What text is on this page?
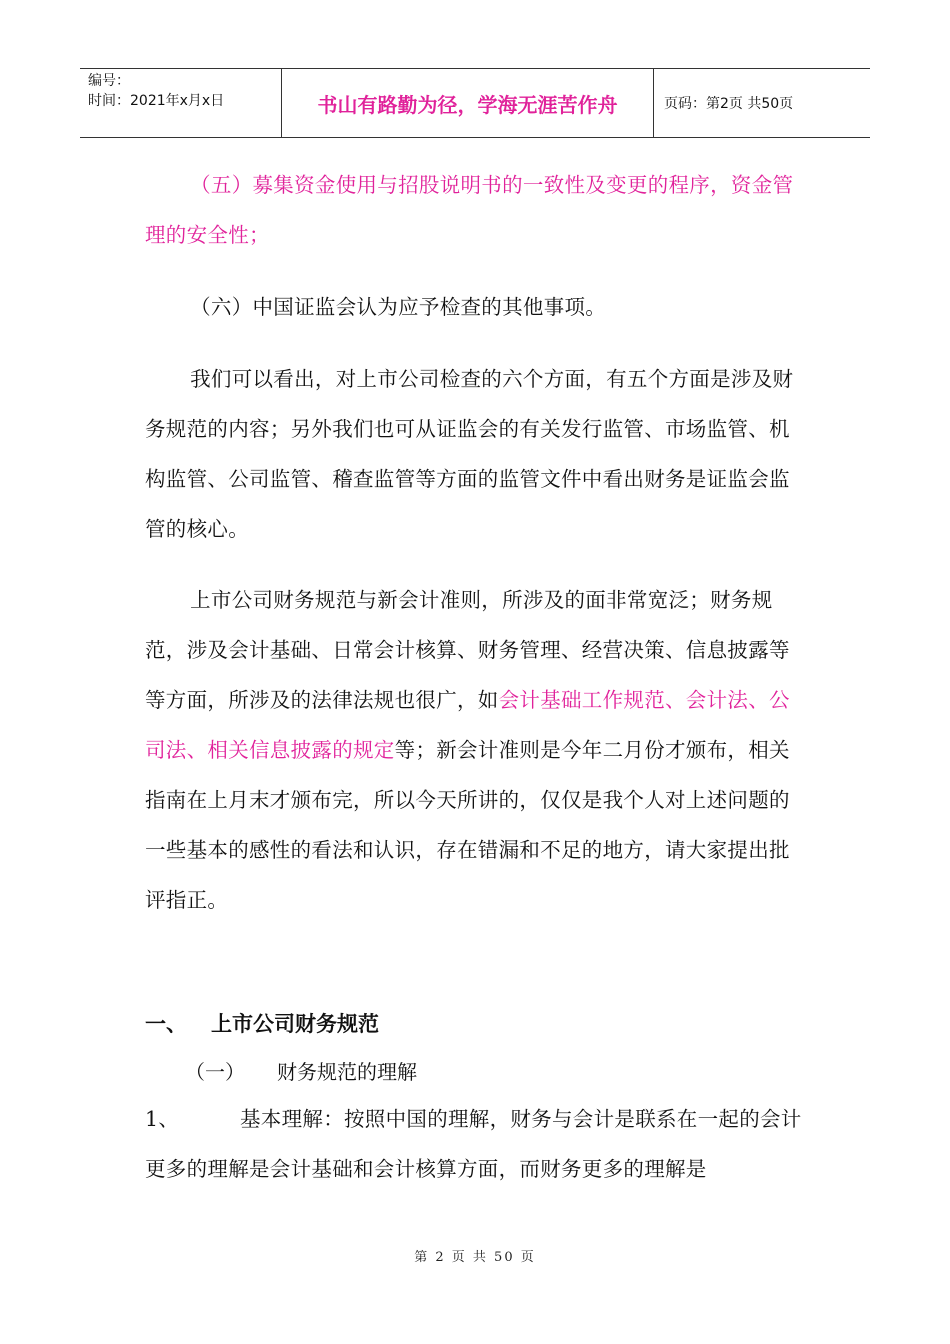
编号：
时间：2021年x月x日	书山有路勤为径，学海无涯苦作舟	页码：第2页 共50页
（五）募集资金使用与招股说明书的一致性及变更的程序，资金管理的安全性；
（六）中国证监会认为应予检查的其他事项。
我们可以看出，对上市公司检查的六个方面，有五个方面是涉及财务规范的内容；另外我们也可从证监会的有关发行监管、市场监管、机构监管、公司监管、稽查监管等方面的监管文件中看出财务是证监会监管的核心。
上市公司财务规范与新会计准则，所涉及的面非常宽泛；财务规范，涉及会计基础、日常会计核算、财务管理、经营决策、信息披露等等方面，所涉及的法律法规也很广，如会计基础工作规范、会计法、公司法、相关信息披露的规定等；新会计准则是今年二月份才颁布，相关指南在上月末才颁布完，所以今天所讲的，仅仅是我个人对上述问题的一些基本的感性的看法和认识，存在错漏和不足的地方，请大家提出批评指正。
一、 上市公司财务规范
（一） 财务规范的理解
1、	基本理解：按照中国的理解，财务与会计是联系在一起的会计更多的理解是会计基础和会计核算方面，而财务更多的理解是
第 2 页 共 50 页
